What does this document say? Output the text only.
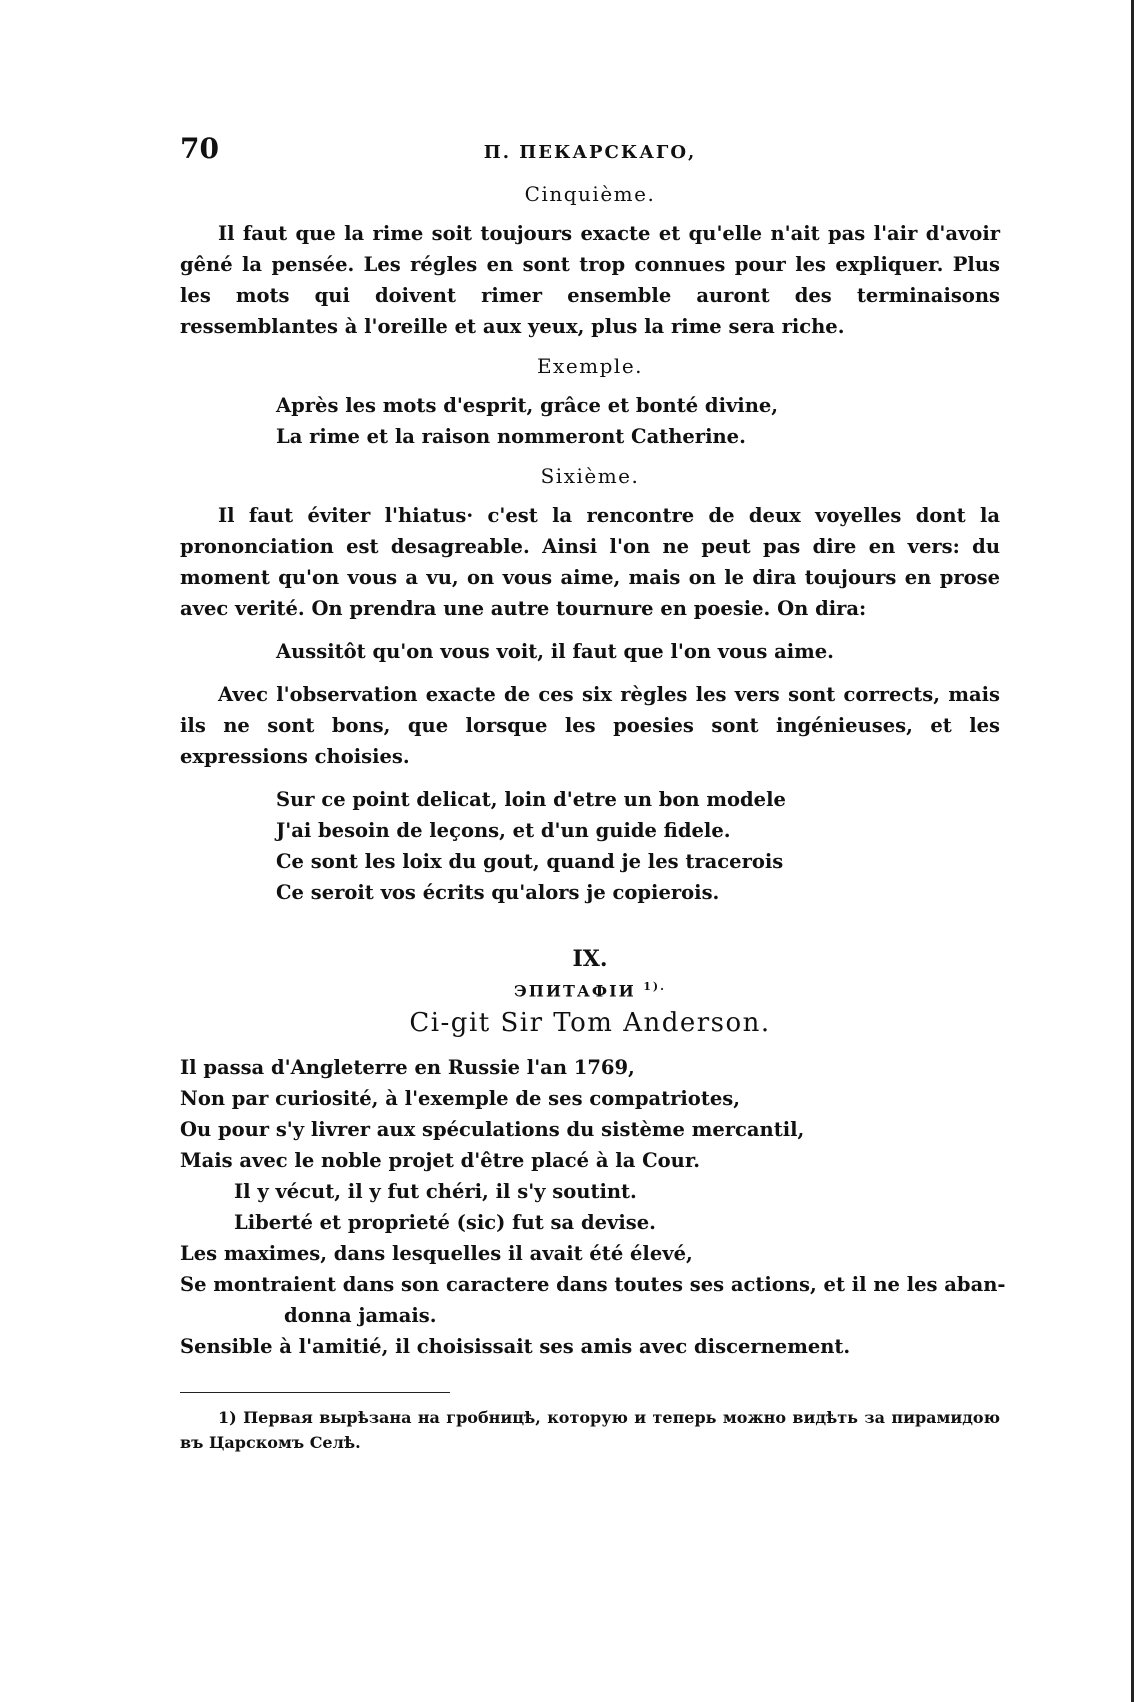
70	П. ПЕКАРСКАГО,
Cinquième.

Il faut que la rime soit toujours exacte et qu'elle n'ait pas l'air d'avoir gêné la pensée. Les régles en sont trop connues pour les expliquer. Plus les mots qui doivent rimer ensemble auront des terminaisons ressemblantes à l'oreille et aux yeux, plus la rime sera riche.

Exemple.
Après les mots d'esprit, grâce et bonté divine,
La rime et la raison nommeront Catherine.
Sixième.

Il faut éviter l'hiatus· c'est la rencontre de deux voyelles dont la prononciation est desagreable. Ainsi l'on ne peut pas dire en vers: du moment qu'on vous a vu, on vous aime, mais on le dira toujours en prose avec verité. On prendra une autre tournure en poesie. On dira:

Aussitôt qu'on vous voit, il faut que l'on vous aime.

Avec l'observation exacte de ces six règles les vers sont corrects, mais ils ne sont bons, que lorsque les poesies sont ingénieuses, et les expressions choisies.

Sur ce point delicat, loin d'etre un bon modele
J'ai besoin de leçons, et d'un guide fidele.
Ce sont les loix du gout, quand je les tracerois
Ce seroit vos écrits qu'alors je copierois.
IX.
ЭПИТАФІИ $^{1).}$
Ci-git Sir Tom Anderson.
Il passa d'Angleterre en Russie l'an 1769,
Non par curiosité, à l'exemple de ses compatriotes,
Ou pour s'y livrer aux spéculations du sistème mercantil,
Mais avec le noble projet d'être placé à la Cour.
Il y vécut, il y fut chéri, il s'y soutint.
Liberté et proprieté (sic) fut sa devise.
Les maximes, dans lesquelles il avait été élevé,
Se montraient dans son caractere dans toutes ses actions, et il ne les aban-
donna jamais.
Sensible à l'amitié, il choisissait ses amis avec discernement.
1) Первая вырѣзана на гробницѣ, которую и теперь можно видѣть за пирамидою въ Царскомъ Селѣ.
